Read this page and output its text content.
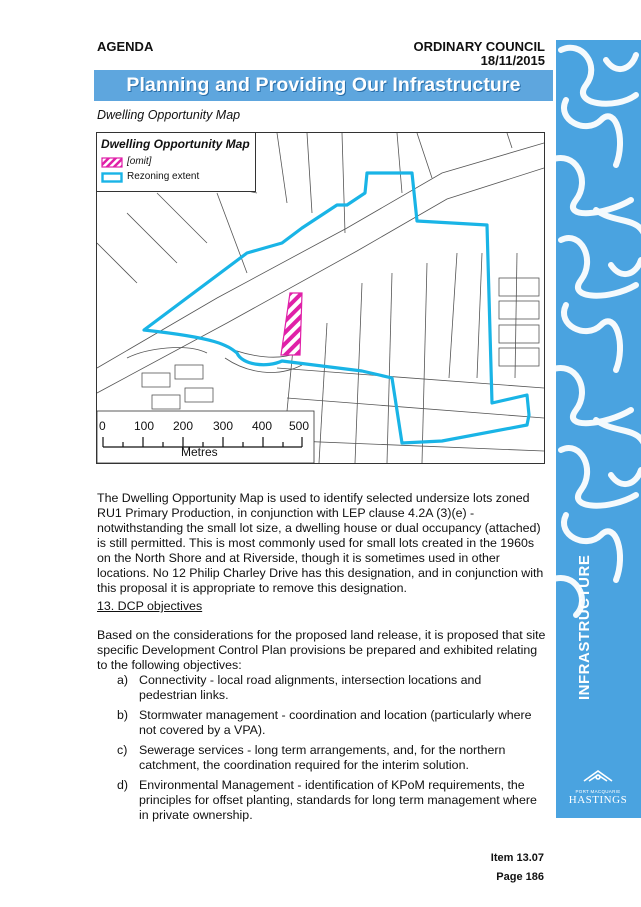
AGENDA	ORDINARY COUNCIL
18/11/2015
Planning and Providing Our Infrastructure
INFRASTRUCTURE
PORT MACQUARIE
HASTINGS
Dwelling Opportunity Map
0 100 200 300 400 500
Metres
Dwelling Opportunity Map
[omit]
Rezoning extent
The Dwelling Opportunity Map is used to identify selected undersize lots zoned RU1 Primary Production, in conjunction with LEP clause 4.2A (3)(e) - notwithstanding the small lot size, a dwelling house or dual occupancy (attached) is still permitted. This is most commonly used for small lots created in the 1960s on the North Shore and at Riverside, though it is sometimes used in other locations. No 12 Philip Charley Drive has this designation, and in conjunction with this proposal it is appropriate to remove this designation.
13. DCP objectives
Based on the considerations for the proposed land release, it is proposed that site specific Development Control Plan provisions be prepared and exhibited relating to the following objectives:
a) Connectivity - local road alignments, intersection locations and pedestrian links.
b) Stormwater management - coordination and location (particularly where not covered by a VPA).
c) Sewerage services - long term arrangements, and, for the northern catchment, the coordination required for the interim solution.
d) Environmental Management - identification of KPoM requirements, the principles for offset planting, standards for long term management where in private ownership.
Item 13.07
Page 186
